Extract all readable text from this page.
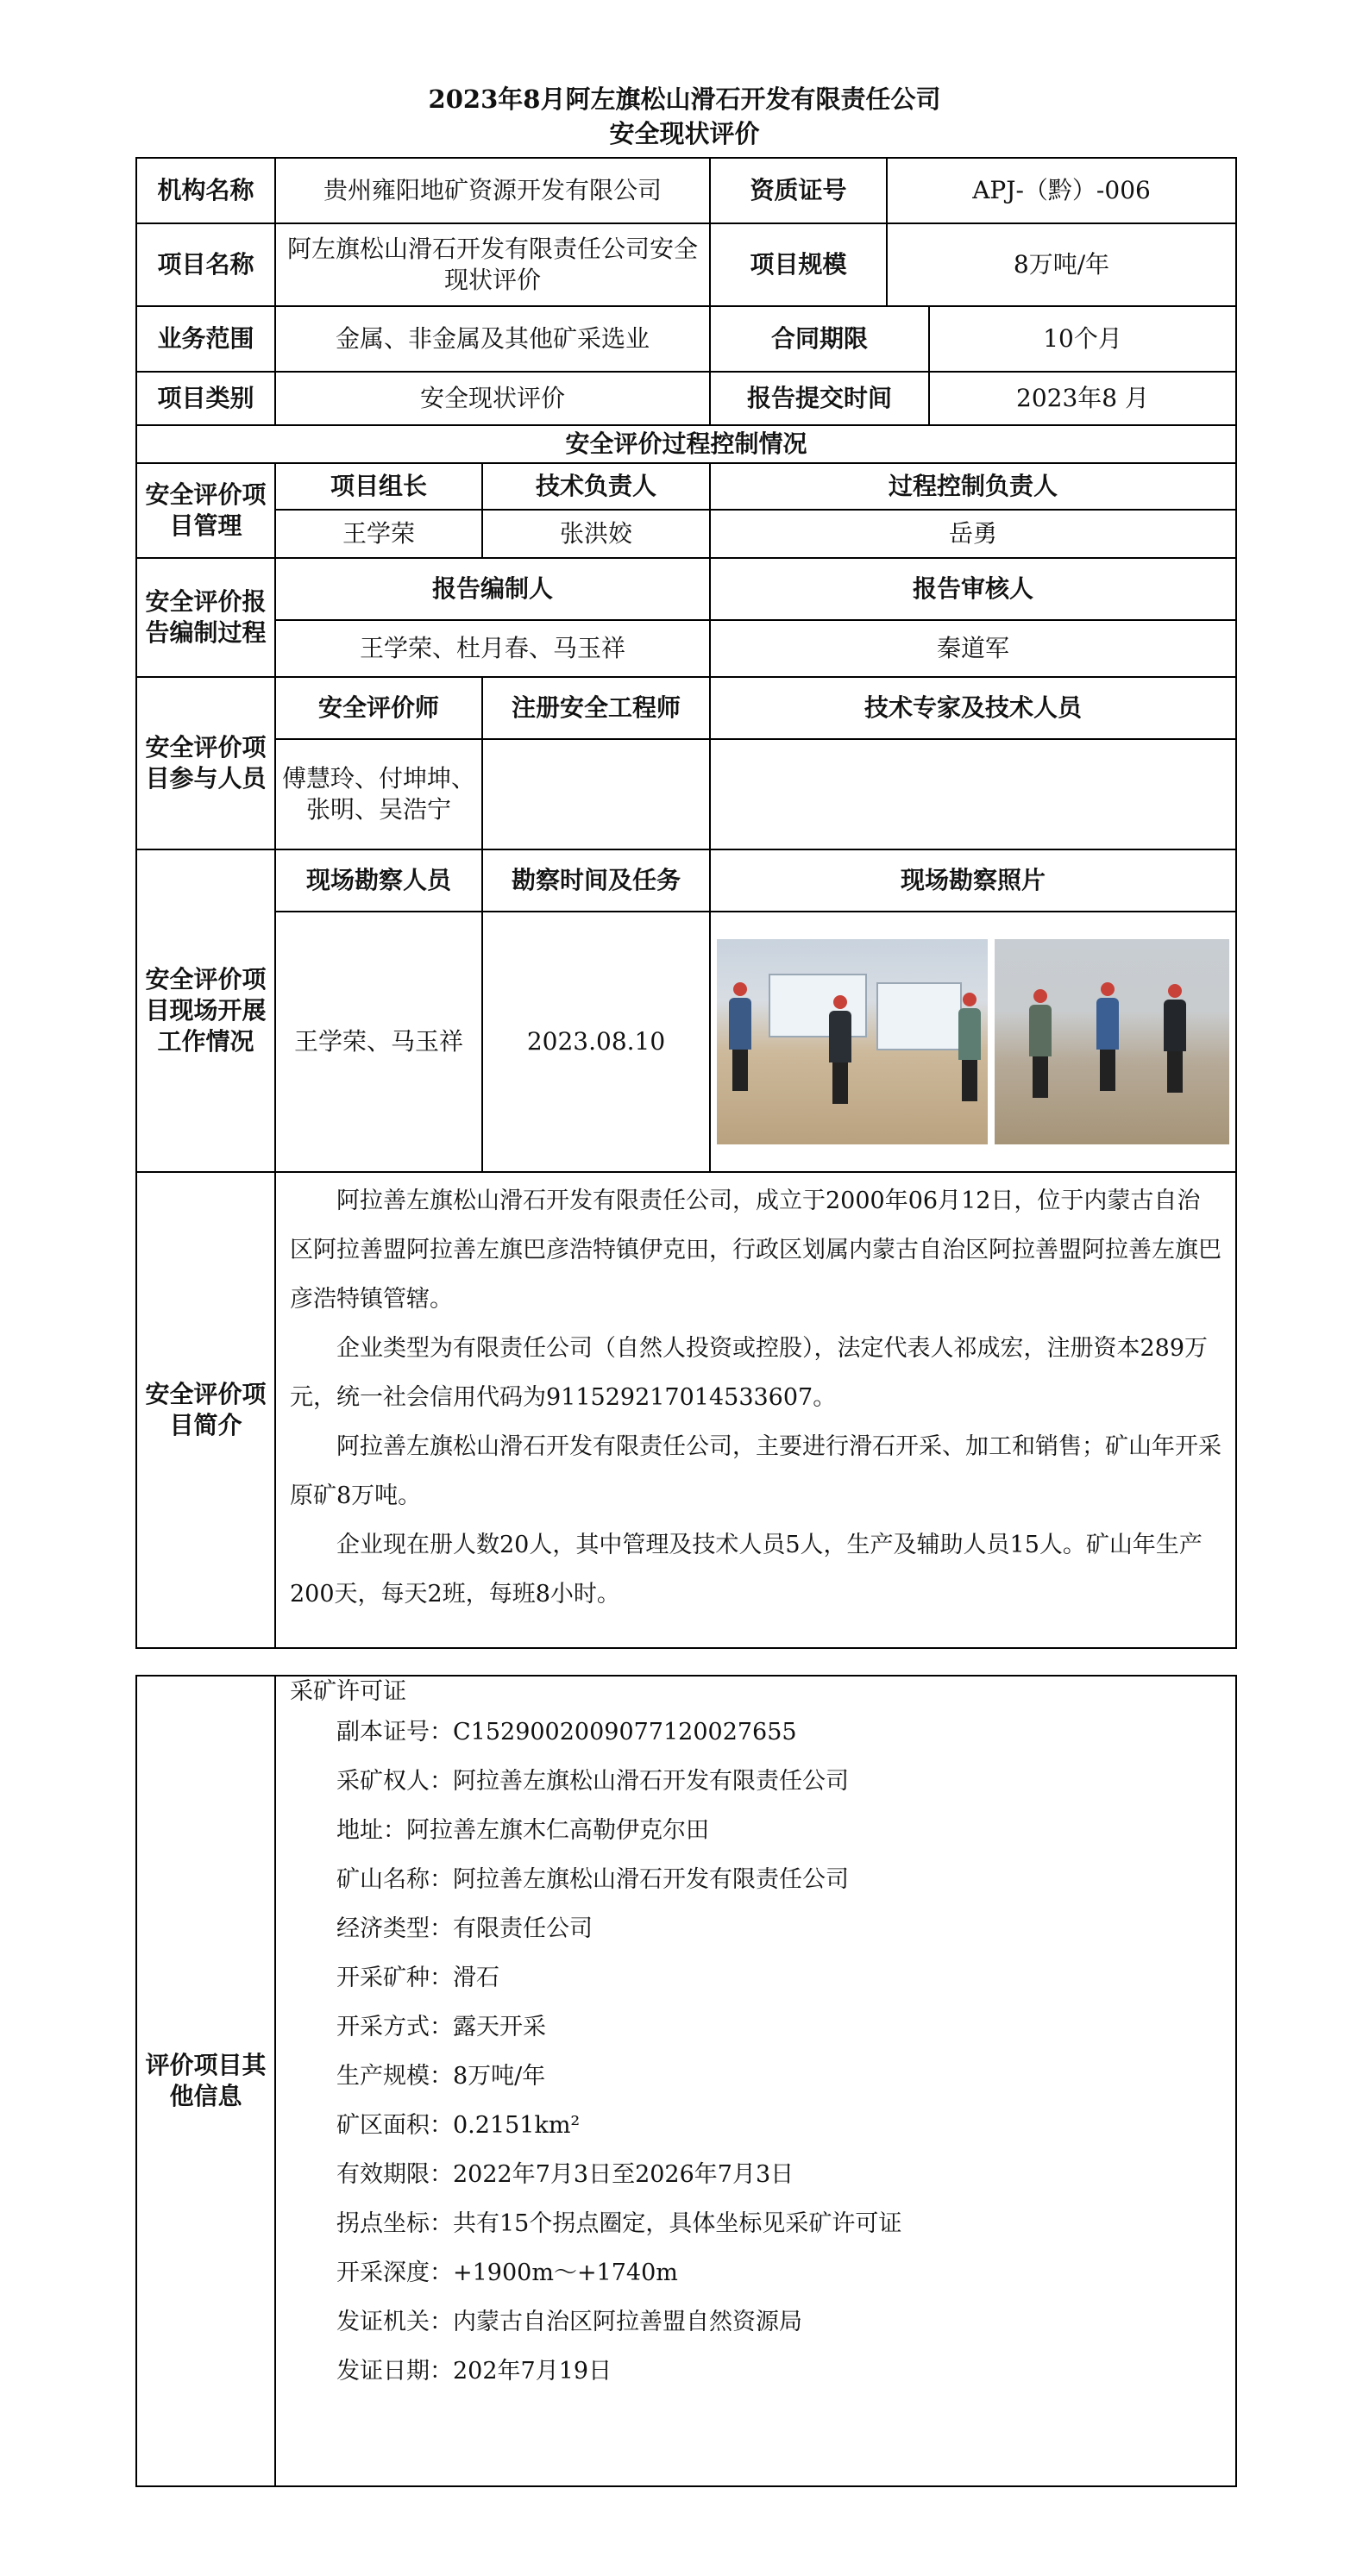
2023年8月阿左旗松山滑石开发有限责任公司
安全现状评价
机构名称	贵州雍阳地矿资源开发有限公司		资质证号	APJ-（黔）-006	
项目名称	阿左旗松山滑石开发有限责任公司安全现状评价		项目规模	8万吨/年	
业务范围	金属、非金属及其他矿采选业		合同期限		10个月
项目类别	安全现状评价		报告提交时间		2023年8 月
安全评价过程控制情况					
安全评价项目管理	项目组长	技术负责人	过程控制负责人		
	王学荣	张洪姣	岳勇		
安全评价报告编制过程	报告编制人		报告审核人		
	王学荣、杜月春、马玉祥		秦道军		
安全评价项目参与人员	安全评价师	注册安全工程师	技术专家及技术人员		
	傅慧玲、付坤坤、张明、吴浩宁				
安全评价项目现场开展工作情况	现场勘察人员	勘察时间及任务	现场勘察照片		
	王学荣、马玉祥	2023.08.10			

安全评价项目简介	阿拉善左旗松山滑石开发有限责任公司，成立于2000年06月12日，位于内蒙古自治区阿拉善盟阿拉善左旗巴彦浩特镇伊克田，行政区划属内蒙古自治区阿拉善盟阿拉善左旗巴彦浩特镇管辖。

企业类型为有限责任公司（自然人投资或控股），法定代表人祁成宏，注册资本289万元，统一社会信用代码为91152921701453360​7。

阿拉善左旗松山滑石开发有限责任公司，主要进行滑石开采、加工和销售；矿山年开采原矿8万吨。

企业现在册人数20人，其中管理及技术人员5人，生产及辅助人员15人。矿山年生产200天，每天2班，每班8小时。				

评价项目其他信息	
采矿许可证
副本证号：C1529002009077120027655
采矿权人：阿拉善左旗松山滑石开发有限责任公司
地址：阿拉善左旗木仁高勒伊克尔田
矿山名称：阿拉善左旗松山滑石开发有限责任公司
经济类型：有限责任公司
开采矿种：滑石
开采方式：露天开采
生产规模：8万吨/年
矿区面积：0.2151km²
有效期限：2022年7月3日至2026年7月3日
拐点坐标：共有15个拐点圈定，具体坐标见采矿许可证
开采深度：+1900m～+1740m
发证机关：内蒙古自治区阿拉善盟自然资源局
发证日期：202年7月19日
